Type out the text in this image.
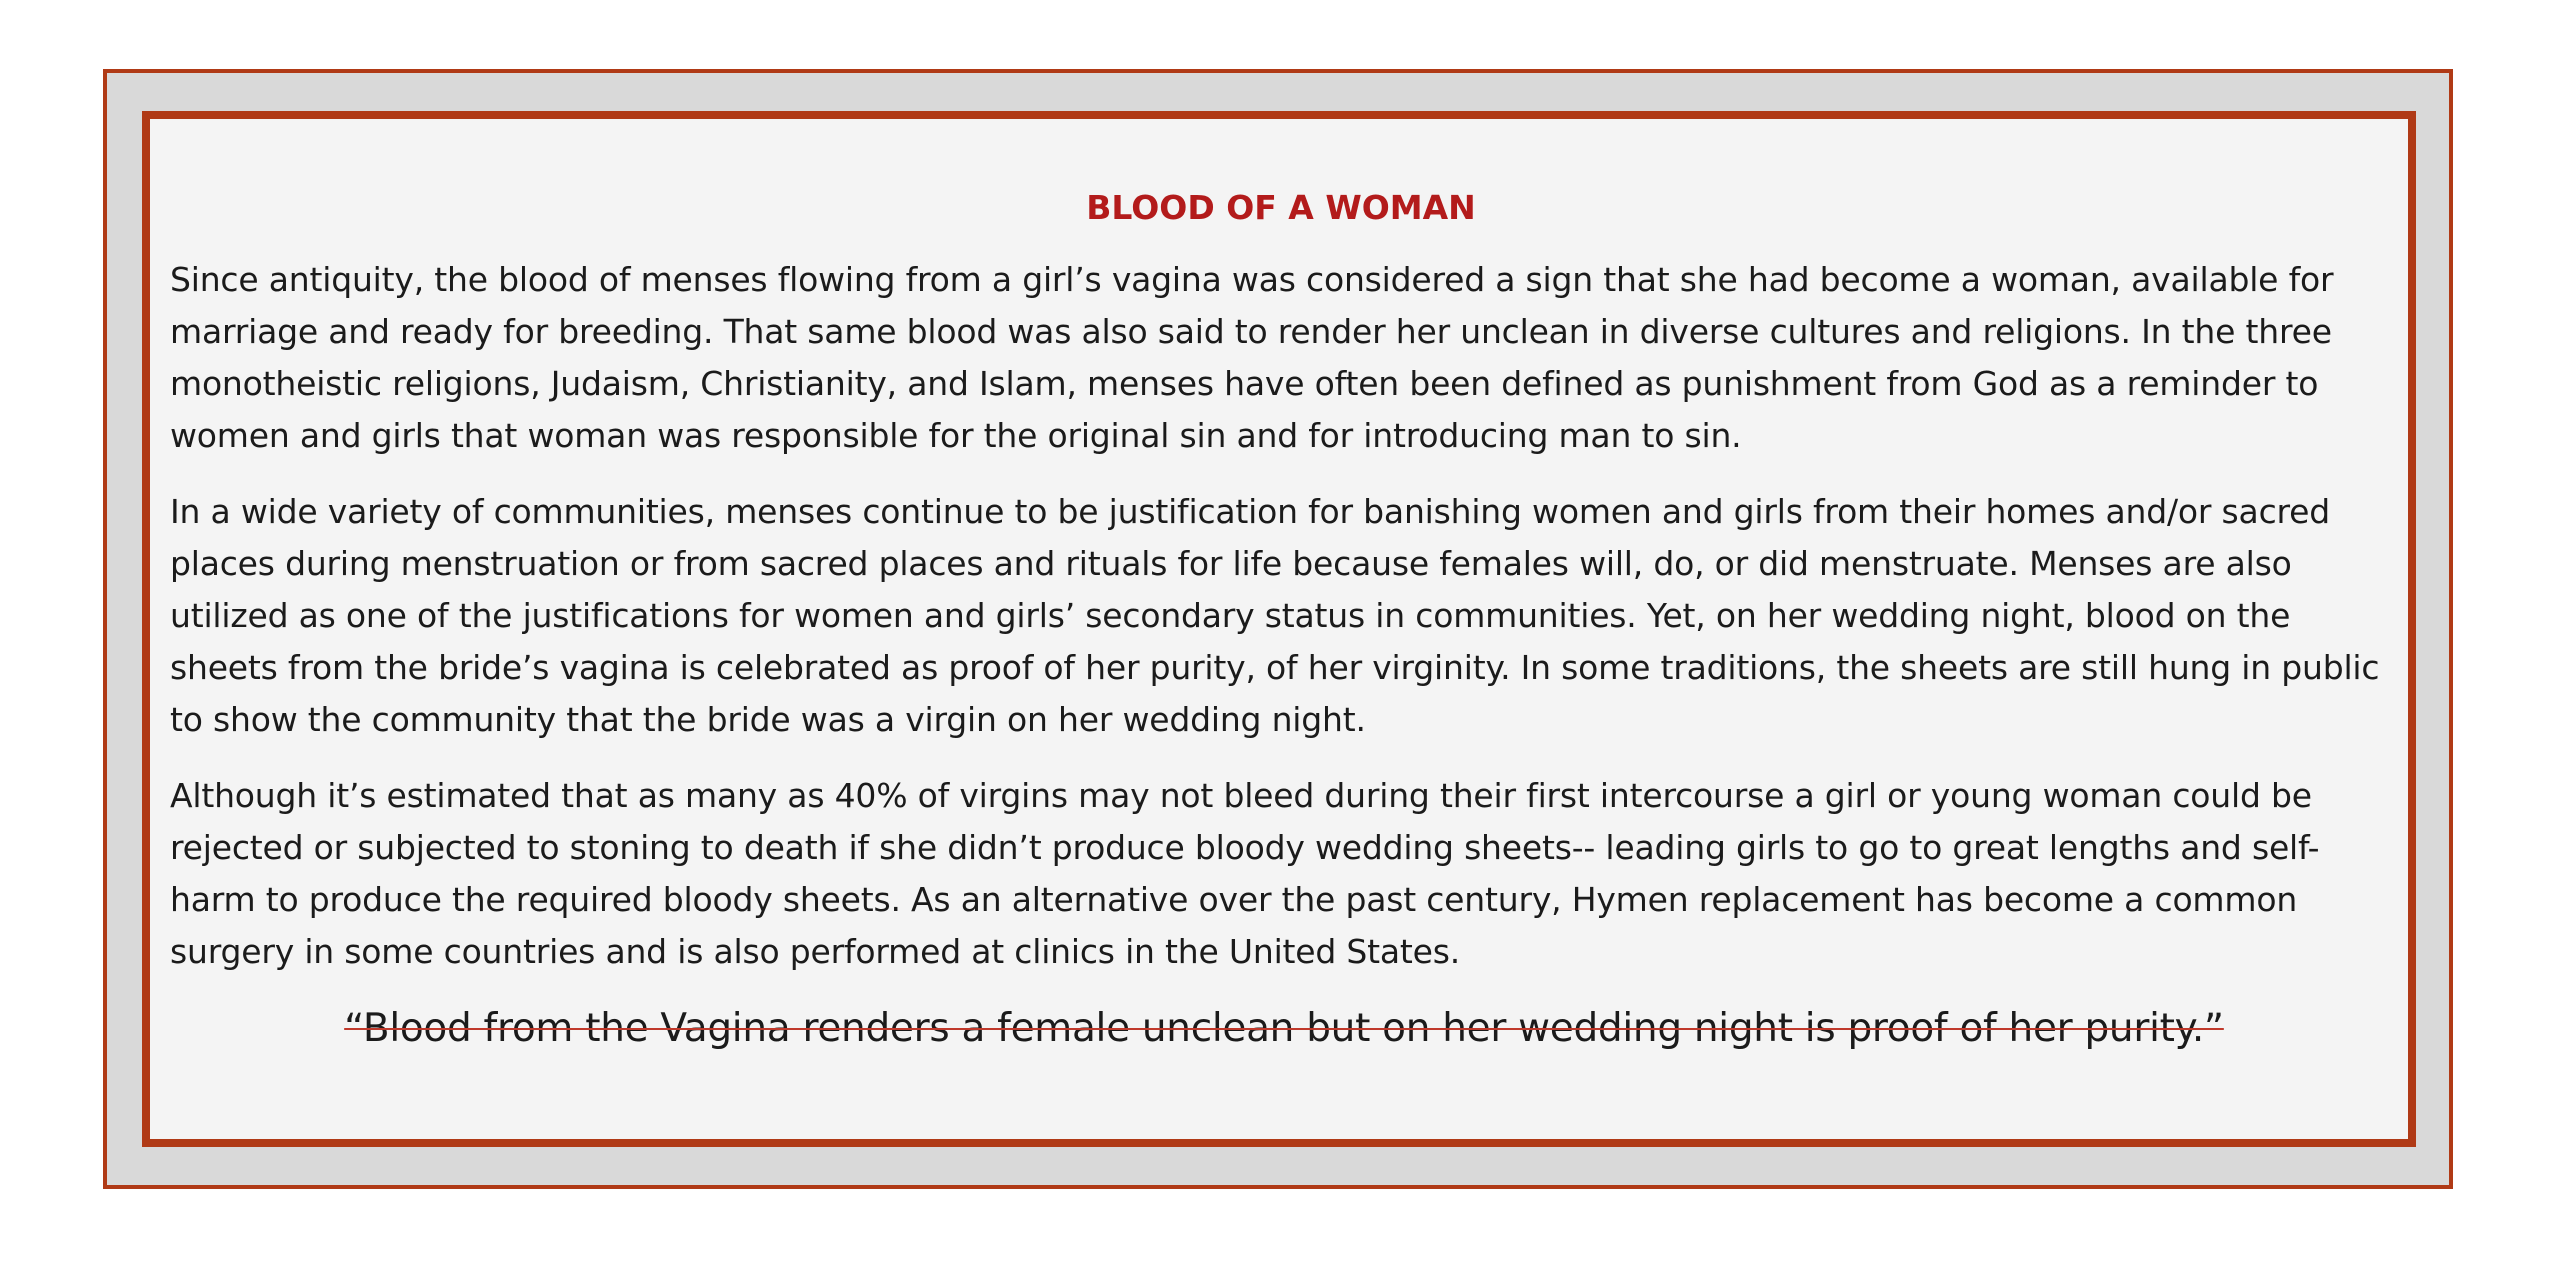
BLOOD OF A WOMAN

Since antiquity, the blood of menses flowing from a girl’s vagina was considered a sign that she had become a woman, available for marriage and ready for breeding. That same blood was also said to render her unclean in diverse cultures and religions. In the three monotheistic religions, Judaism, Christianity, and Islam, menses have often been defined as punishment from God as a reminder to women and girls that woman was responsible for the original sin and for introducing man to sin.

In a wide variety of communities, menses continue to be justification for banishing women and girls from their homes and/or sacred places during menstruation or from sacred places and rituals for life because females will, do, or did menstruate. Menses are also utilized as one of the justifications for women and girls’ secondary status in communities. Yet, on her wedding night, blood on the sheets from the bride’s vagina is celebrated as proof of her purity, of her virginity. In some traditions, the sheets are still hung in public to show the community that the bride was a virgin on her wedding night.

Although it’s estimated that as many as 40% of virgins may not bleed during their first intercourse a girl or young woman could be rejected or subjected to stoning to death if she didn’t produce bloody wedding sheets-- leading girls to go to great lengths and self-harm to produce the required bloody sheets. As an alternative over the past century, Hymen replacement has become a common surgery in some countries and is also performed at clinics in the United States.

“Blood from the Vagina renders a female unclean but on her wedding night is proof of her purity.”
